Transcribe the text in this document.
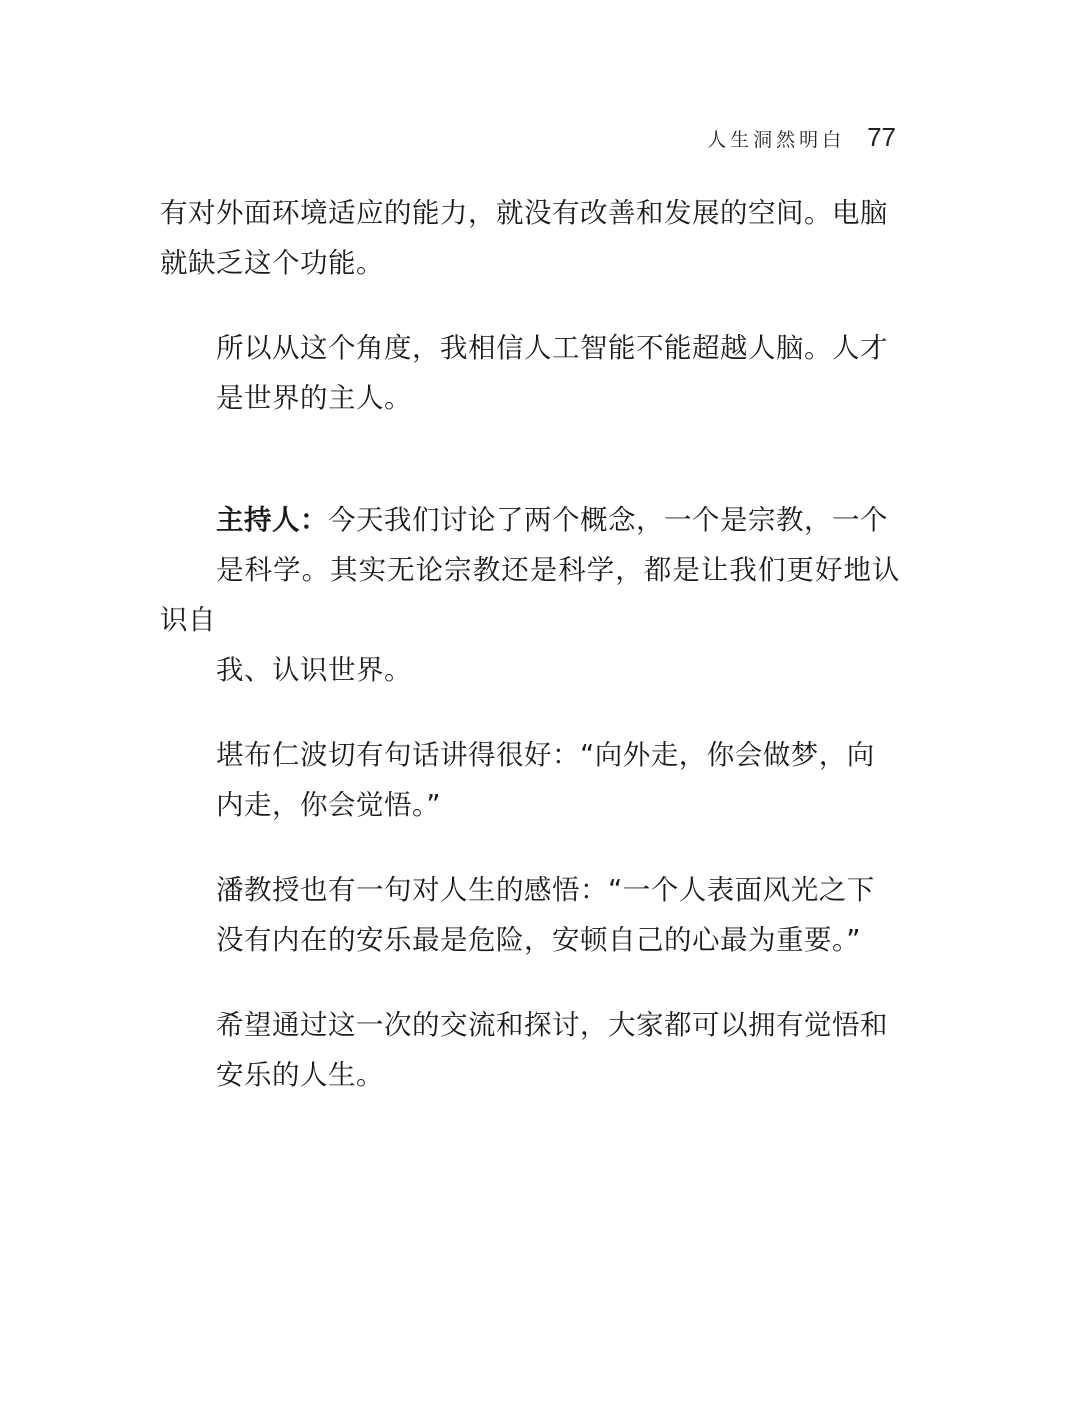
人生洞然明白 77

有对外面环境适应的能力，就没有改善和发展的空间。电脑
就缺乏这个功能。

所以从这个角度，我相信人工智能不能超越人脑。人才
是世界的主人。

主持人：今天我们讨论了两个概念，一个是宗教，一个
是科学。其实无论宗教还是科学，都是让我们更好地认识自
我、认识世界。

堪布仁波切有句话讲得很好：“向外走，你会做梦，向
内走，你会觉悟。”

潘教授也有一句对人生的感悟：“一个人表面风光之下
没有内在的安乐最是危险，安顿自己的心最为重要。”

希望通过这一次的交流和探讨，大家都可以拥有觉悟和
安乐的人生。
